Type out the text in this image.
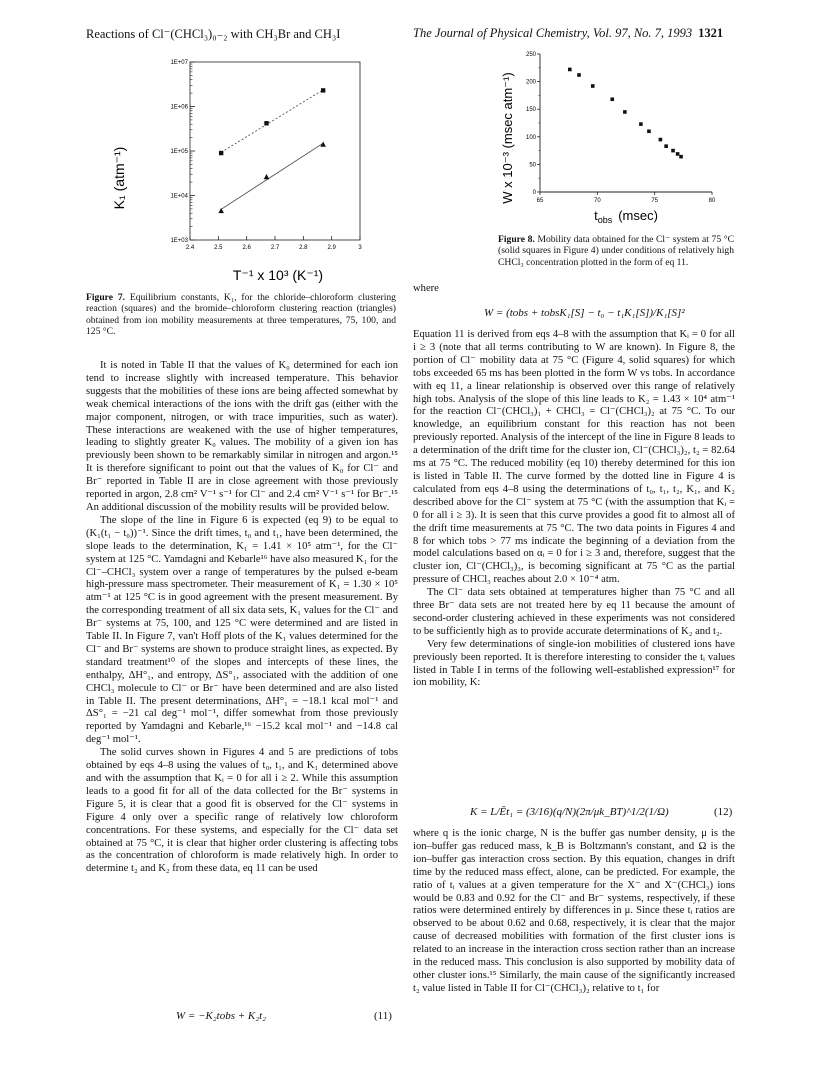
Reactions of Cl⁻(CHCl₃)₀₋₂ with CH₃Br and CH₃I	The Journal of Physical Chemistry, Vol. 97, No. 7, 1993 1321
1E+03
1E+04
1E+05
1E+06
1E+07
2.4	2.5	2.6	2.7	2.8	2.9	3
K₁ (atm⁻¹)
T⁻¹ x 10³ (K⁻¹)
Figure 7. Equilibrium constants, K₁, for the chloride–chloroform clustering reaction (squares) and the bromide–chloroform clustering reaction (triangles) obtained from ion mobility measurements at three temperatures, 75, 100, and 125 °C.
0
50
100
150
200
250
65	70	75	80
W x 10⁻³ (msec atm⁻¹)
$t_{obs}$ (msec)
Figure 8. Mobility data obtained for the Cl⁻ system at 75 °C (solid squares in Figure 4) under conditions of relatively high CHCl₃ concentration plotted in the form of eq 11.

It is noted in Table II that the values of K₀ determined for each ion tend to increase slightly with increased temperature. This behavior suggests that the mobilities of these ions are being affected somewhat by weak chemical interactions of the ions with the drift gas (either with the major component, nitrogen, or with trace impurities, such as water). These interactions are weakened with the use of higher temperatures, leading to slightly greater K₀ values. The mobility of a given ion has previously been shown to be remarkably similar in nitrogen and argon.¹⁵ It is therefore significant to point out that the values of K₀ for Cl⁻ and Br⁻ reported in Table II are in close agreement with those previously reported in argon, 2.8 cm² V⁻¹ s⁻¹ for Cl⁻ and 2.4 cm² V⁻¹ s⁻¹ for Br⁻.¹⁵ An additional discussion of the mobility results will be provided below.

The slope of the line in Figure 6 is expected (eq 9) to be equal to (K₁(t₁ − t₀))⁻¹. Since the drift times, t₀ and t₁, have been determined, the slope leads to the determination, K₁ = 1.41 × 10⁵ atm⁻¹, for the Cl⁻ system at 125 °C. Yamdagni and Kebarle¹⁶ have also measured K₁ for the Cl⁻–CHCl₃ system over a range of temperatures by the pulsed e-beam high-pressure mass spectrometer. Their measurement of K₁ = 1.30 × 10⁵ atm⁻¹ at 125 °C is in good agreement with the present measurement. By the corresponding treatment of all six data sets, K₁ values for the Cl⁻ and Br⁻ systems at 75, 100, and 125 °C were determined and are listed in Table II. In Figure 7, van't Hoff plots of the K₁ values determined for the Cl⁻ and Br⁻ systems are shown to produce straight lines, as expected. By standard treatment¹⁰ of the slopes and intercepts of these lines, the enthalpy, ΔH°₁, and entropy, ΔS°₁, associated with the addition of one CHCl₃ molecule to Cl⁻ or Br⁻ have been determined and are also listed in Table II. The present determinations, ΔH°₁ = −18.1 kcal mol⁻¹ and ΔS°₁ = −21 cal deg⁻¹ mol⁻¹, differ somewhat from those previously reported by Yamdagni and Kebarle,¹⁶ −15.2 kcal mol⁻¹ and −14.8 cal deg⁻¹ mol⁻¹.

The solid curves shown in Figures 4 and 5 are predictions of tobs obtained by eqs 4–8 using the values of t₀, t₁, and K₁ determined above and with the assumption that Kᵢ = 0 for all i ≥ 2. While this assumption leads to a good fit for all of the data collected for the Br⁻ systems in Figure 5, it is clear that a good fit is observed for the Cl⁻ systems in Figure 4 only over a specific range of relatively low chloroform concentrations. For these systems, and especially for the Cl⁻ data set obtained at 75 °C, it is clear that higher order clustering is affecting tobs as the concentration of chloroform is made relatively high. In order to determine t₂ and K₂ from these data, eq 11 can be used

W = −K₂tobs + K₂t₂	(11)

where

W = (tobs + tobsK₁[S] − t₀ − t₁K₁[S])/K₁[S]²

Equation 11 is derived from eqs 4–8 with the assumption that Kᵢ = 0 for all i ≥ 3 (note that all terms contributing to W are known). In Figure 8, the portion of Cl⁻ mobility data at 75 °C (Figure 4, solid squares) for which tobs exceeded 65 ms has been plotted in the form W vs tobs. In accordance with eq 11, a linear relationship is observed over this range of relatively high tobs. Analysis of the slope of this line leads to K₂ = 1.43 × 10⁴ atm⁻¹ for the reaction Cl⁻(CHCl₃)₁ + CHCl₃ = Cl⁻(CHCl₃)₂ at 75 °C. To our knowledge, an equilibrium constant for this reaction has not been previously reported. Analysis of the intercept of the line in Figure 8 leads to a determination of the drift time for the cluster ion, Cl⁻(CHCl₃)₂, t₂ = 82.64 ms at 75 °C. The reduced mobility (eq 10) thereby determined for this ion is listed in Table II. The curve formed by the dotted line in Figure 4 is calculated from eqs 4–8 using the determinations of t₀, t₁, t₂, K₁, and K₂ described above for the Cl⁻ system at 75 °C (with the assumption that Kᵢ = 0 for all i ≥ 3). It is seen that this curve provides a good fit to almost all of the drift time measurements at 75 °C. The two data points in Figures 4 and 8 for which tobs > 77 ms indicate the beginning of a deviation from the model calculations based on αᵢ = 0 for i ≥ 3 and, therefore, suggest that the cluster ion, Cl⁻(CHCl₃)₃, is becoming significant at 75 °C as the partial pressure of CHCl₃ reaches about 2.0 × 10⁻⁴ atm.

The Cl⁻ data sets obtained at temperatures higher than 75 °C and all three Br⁻ data sets are not treated here by eq 11 because the amount of second-order clustering achieved in these experiments was not considered to be sufficiently high as to provide accurate determinations of K₂ and t₂.

Very few determinations of single-ion mobilities of clustered ions have previously been reported. It is therefore interesting to consider the tᵢ values listed in Table I in terms of the following well-established expression¹⁷ for ion mobility, K:

K = L/Ēt₁ = (3/16)(q/N)(2π/μk_BT)^1/2(1/Ω)	(12)

where q is the ionic charge, N is the buffer gas number density, μ is the ion–buffer gas reduced mass, k_B is Boltzmann's constant, and Ω is the ion–buffer gas interaction cross section. By this equation, changes in drift time by the reduced mass effect, alone, can be predicted. For example, the ratio of tᵢ values at a given temperature for the X⁻ and X⁻(CHCl₃) ions would be 0.83 and 0.92 for the Cl⁻ and Br⁻ systems, respectively, if these ratios were determined entirely by differences in μ. Since these tᵢ ratios are observed to be about 0.62 and 0.68, respectively, it is clear that the major cause of decreased mobilities with formation of the first cluster ions is related to an increase in the interaction cross section rather than an increase in the reduced mass. This conclusion is also supported by mobility data of other cluster ions.¹⁵ Similarly, the main cause of the significantly increased t₂ value listed in Table II for Cl⁻(CHCl₃)₂ relative to t₁ for
